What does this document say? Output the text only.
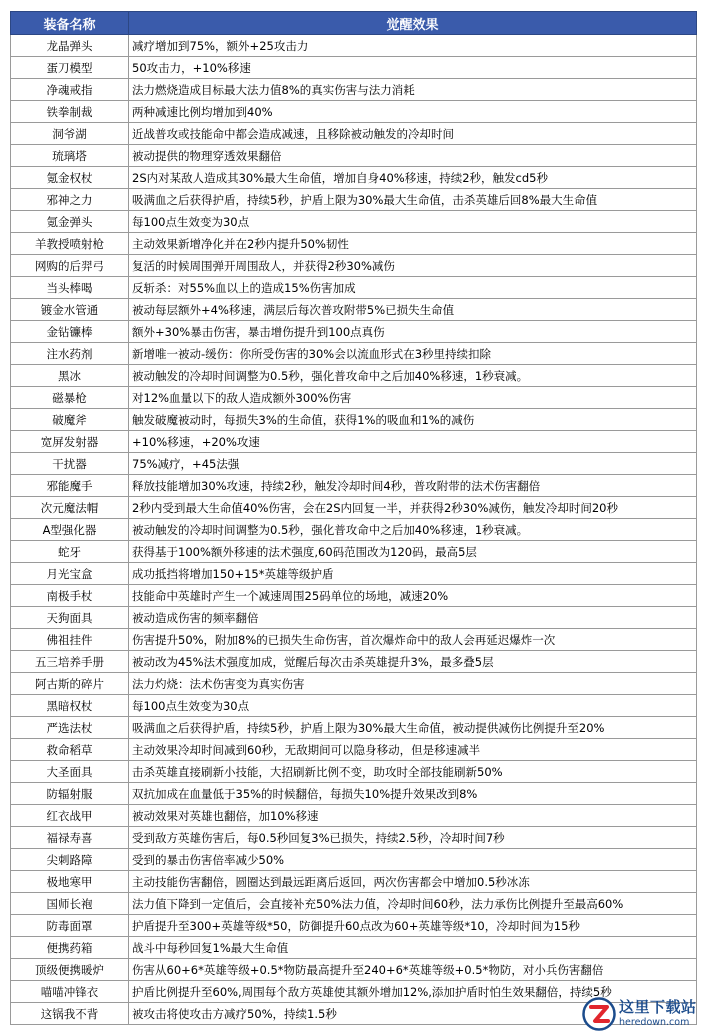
装备名称	觉醒效果
龙晶弹头	减疗增加到75%，额外+25攻击力
蛋刀模型	50攻击力，+10%移速
净魂戒指	法力燃烧造成目标最大法力值8%的真实伤害与法力消耗
铁拳制裁	两种减速比例均增加到40%
洞爷湖	近战普攻或技能命中都会造成减速，且移除被动触发的冷却时间
琉璃塔	被动提供的物理穿透效果翻倍
氪金权杖	2S内对某敌人造成其30%最大生命值，增加自身40%移速，持续2秒，触发cd5秒
邪神之力	吸满血之后获得护盾，持续5秒，护盾上限为30%最大生命值，击杀英雄后回8%最大生命值
氪金弹头	每100点生效变为30点
羊教授喷射枪	主动效果新增净化并在2秒内提升50%韧性
网购的后羿弓	复活的时候周围弹开周围敌人，并获得2秒30%减伤
当头棒喝	反斩杀：对55%血以上的造成15%伤害加成
镀金水管通	被动每层额外+4%移速，满层后每次普攻附带5%已损失生命值
金钻镰棒	额外+30%暴击伤害，暴击增伤提升到100点真伤
注水药剂	新增唯一被动-缓伤：你所受伤害的30%会以流血形式在3秒里持续扣除
黑冰	被动触发的冷却时间调整为0.5秒，强化普攻命中之后加40%移速，1秒衰减。
磁暴枪	对12%血量以下的敌人造成额外300%伤害
破魔斧	触发破魔被动时，每损失3%的生命值，获得1%的吸血和1%的减伤
宽屏发射器	+10%移速，+20%攻速
干扰器	75%减疗，+45法强
邪能魔手	释放技能增加30%攻速，持续2秒，触发冷却时间4秒，普攻附带的法术伤害翻倍
次元魔法帽	2秒内受到最大生命值40%伤害，会在2S内回复一半，并获得2秒30%减伤，触发冷却时间20秒
A型强化器	被动触发的冷却时间调整为0.5秒，强化普攻命中之后加40%移速，1秒衰减。
蛇牙	获得基于100%额外移速的法术强度,60码范围改为120码，最高5层
月光宝盒	成功抵挡将增加150+15*英雄等级护盾
南极手杖	技能命中英雄时产生一个减速周围25码单位的场地，减速20%
天狗面具	被动造成伤害的频率翻倍
佛祖挂件	伤害提升50%，附加8%的已损失生命伤害，首次爆炸命中的敌人会再延迟爆炸一次
五三培养手册	被动改为45%法术强度加成，觉醒后每次击杀英雄提升3%，最多叠5层
阿古斯的碎片	法力灼烧：法术伤害变为真实伤害
黑暗权杖	每100点生效变为30点
严选法杖	吸满血之后获得护盾，持续5秒，护盾上限为30%最大生命值，被动提供减伤比例提升至20%
救命稻草	主动效果冷却时间减到60秒，无敌期间可以隐身移动，但是移速减半
大圣面具	击杀英雄直接刷新小技能，大招刷新比例不变，助攻时全部技能刷新50%
防辐射服	双抗加成在血量低于35%的时候翻倍，每损失10%提升效果改到8%
红衣战甲	被动效果对英雄也翻倍，加10%移速
福禄寿喜	受到敌方英雄伤害后，每0.5秒回复3%已损失，持续2.5秒，冷却时间7秒
尖刺路障	受到的暴击伤害倍率减少50%
极地寒甲	主动技能伤害翻倍，圆圈达到最远距离后返回，两次伤害都会中增加0.5秒冰冻
国师长袍	法力值下降到一定值后，会直接补充50%法力值，冷却时间60秒，法力承伤比例提升至最高60%
防毒面罩	护盾提升至300+英雄等级*50，防御提升60点改为60+英雄等级*10，冷却时间为15秒
便携药箱	战斗中每秒回复1%最大生命值
顶级便携暖炉	伤害从60+6*英雄等级+0.5*物防最高提升至240+6*英雄等级+0.5*物防，对小兵伤害翻倍
喵喵冲锋衣	护盾比例提升至60%,周围每个敌方英雄使其额外增加12%,添加护盾时怕生效果翻倍，持续5秒
这锅我不背	被攻击将使攻击方减疗50%，持续1.5秒	这里下载站
heredown.com
